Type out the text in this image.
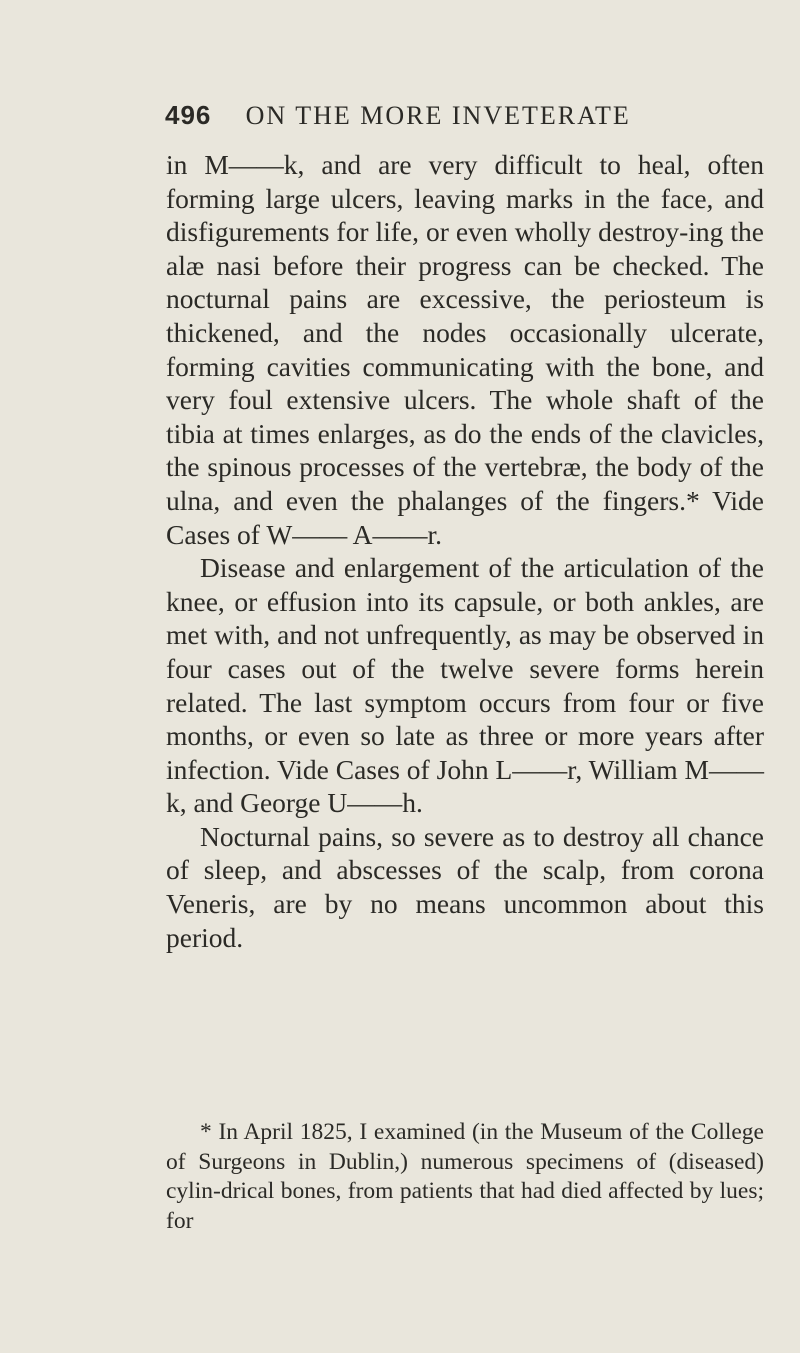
496 ON THE MORE INVETERATE

in M——k, and are very difficult to heal, often forming large ulcers, leaving marks in the face, and disfigurements for life, or even wholly destroy-ing the alæ nasi before their progress can be checked. The nocturnal pains are excessive, the periosteum is thickened, and the nodes occasionally ulcerate, forming cavities communicating with the bone, and very foul extensive ulcers. The whole shaft of the tibia at times enlarges, as do the ends of the clavicles, the spinous processes of the vertebræ, the body of the ulna, and even the phalanges of the fingers.* Vide Cases of W—— A——r.

Disease and enlargement of the articulation of the knee, or effusion into its capsule, or both ankles, are met with, and not unfrequently, as may be observed in four cases out of the twelve severe forms herein related. The last symptom occurs from four or five months, or even so late as three or more years after infection. Vide Cases of John L——r, William M——k, and George U——h.

Nocturnal pains, so severe as to destroy all chance of sleep, and abscesses of the scalp, from corona Veneris, are by no means uncommon about this period.

* In April 1825, I examined (in the Museum of the College of Surgeons in Dublin,) numerous specimens of (diseased) cylin-drical bones, from patients that had died affected by lues; for
